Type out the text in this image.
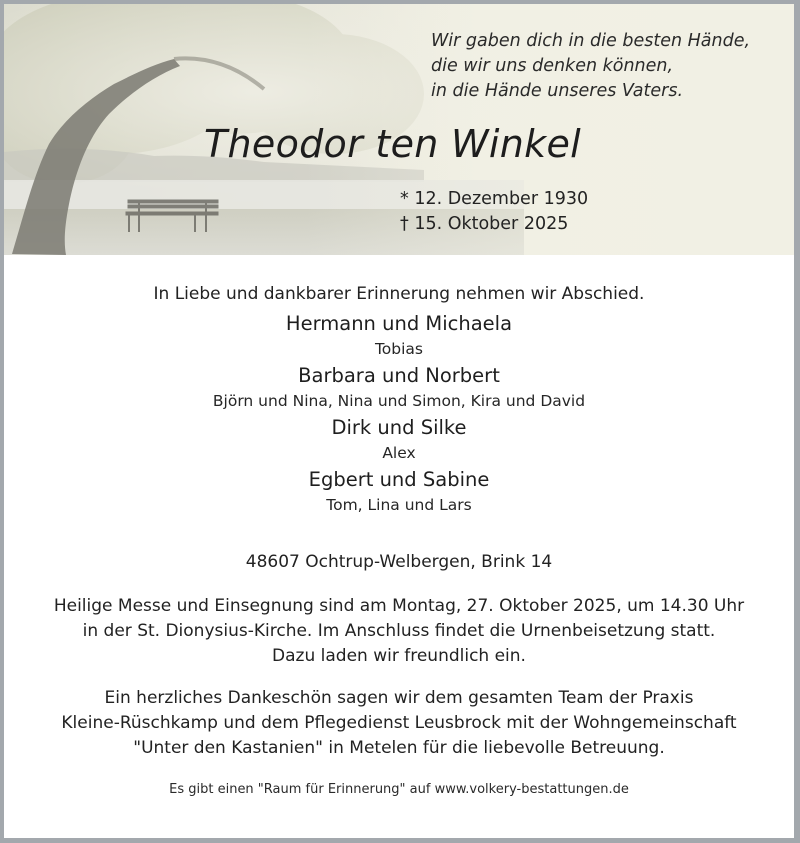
Wir gaben dich in die besten Hände,
die wir uns denken können,
in die Hände unseres Vaters.
Theodor ten Winkel
* 12. Dezember 1930
† 15. Oktober 2025
In Liebe und dankbarer Erinnerung nehmen wir Abschied.
Hermann und Michaela
Tobias
Barbara und Norbert
Björn und Nina, Nina und Simon, Kira und David
Dirk und Silke
Alex
Egbert und Sabine
Tom, Lina und Lars
48607 Ochtrup-Welbergen, Brink 14
Heilige Messe und Einsegnung sind am Montag, 27. Oktober 2025, um 14.30 Uhr
in der St. Dionysius-Kirche. Im Anschluss findet die Urnenbeisetzung statt.
Dazu laden wir freundlich ein.
Ein herzliches Dankeschön sagen wir dem gesamten Team der Praxis
Kleine-Rüschkamp und dem Pflegedienst Leusbrock mit der Wohngemeinschaft
"Unter den Kastanien" in Metelen für die liebevolle Betreuung.
Es gibt einen "Raum für Erinnerung" auf www.volkery-bestattungen.de
